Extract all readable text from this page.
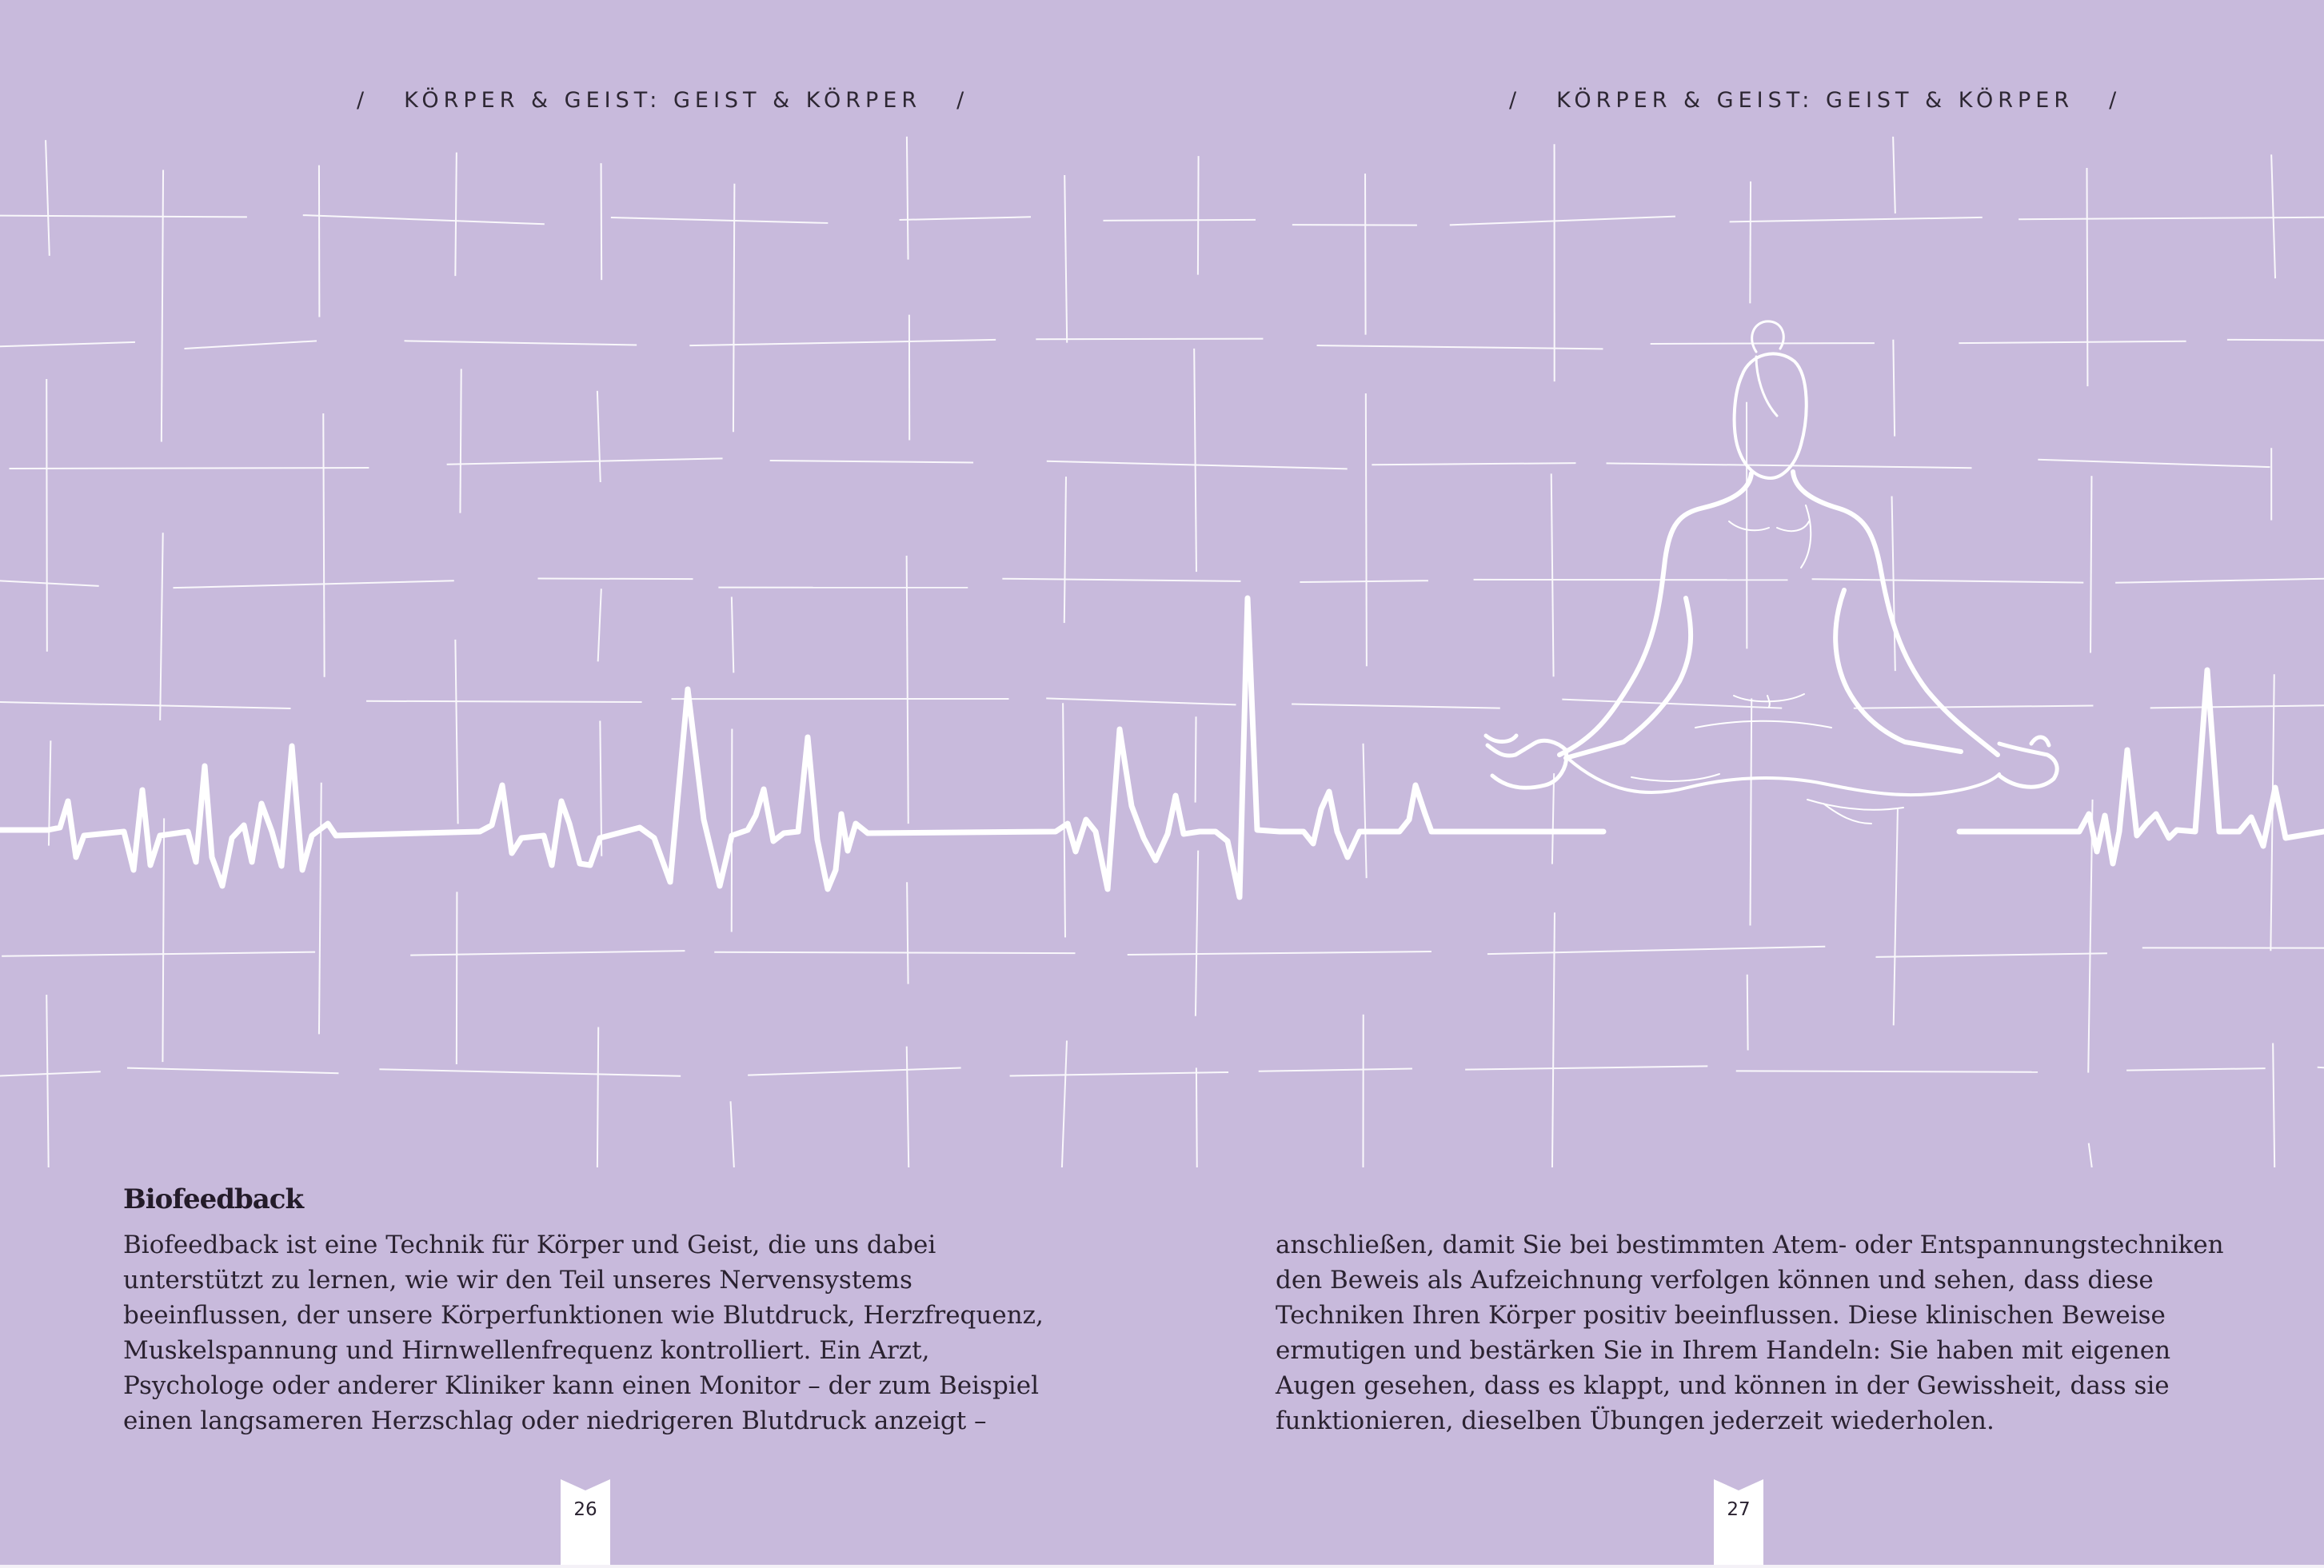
/ KÖRPER & GEIST: GEIST & KÖRPER /	/ KÖRPER & GEIST: GEIST & KÖRPER /
Biofeedback

Biofeedback ist eine Technik für Körper und Geist, die uns dabei
unterstützt zu lernen, wie wir den Teil unseres Nervensystems
beeinflussen, der unsere Körperfunktionen wie Blutdruck, Herzfrequenz,
Muskelspannung und Hirnwellenfrequenz kontrolliert. Ein Arzt,
Psychologe oder anderer Kliniker kann einen Monitor – der zum Beispiel
einen langsameren Herzschlag oder niedrigeren Blutdruck anzeigt –

anschließen, damit Sie bei bestimmten Atem- oder Entspannungstechniken
den Beweis als Aufzeichnung verfolgen können und sehen, dass diese
Techniken Ihren Körper positiv beeinflussen. Diese klinischen Beweise
ermutigen und bestärken Sie in Ihrem Handeln: Sie haben mit eigenen
Augen gesehen, dass es klappt, und können in der Gewissheit, dass sie
funktionieren, dieselben Übungen jederzeit wiederholen.

26	27
